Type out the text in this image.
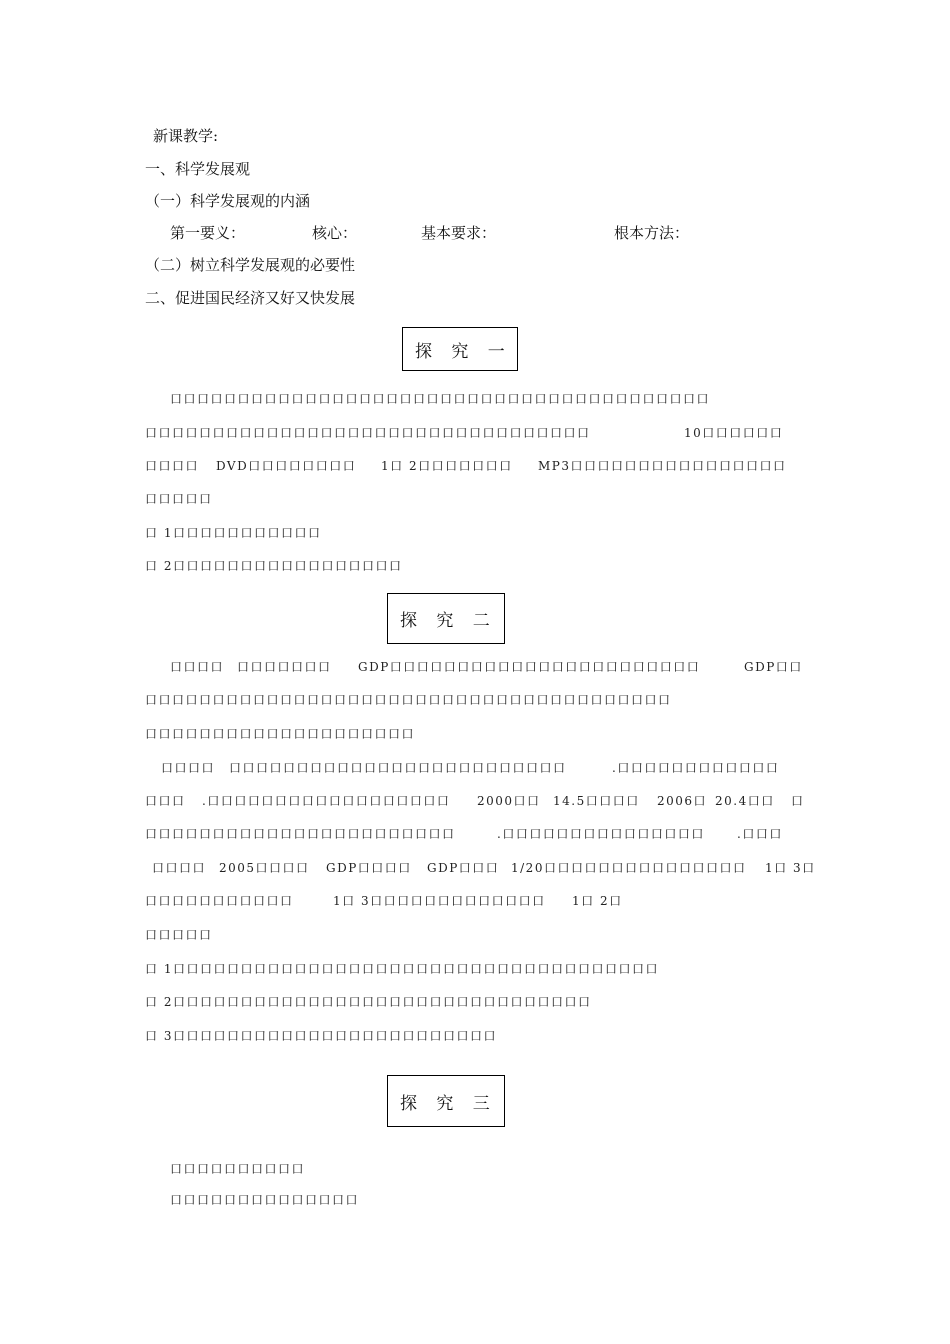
新课教学:
一、科学发展观
（一）科学发展观的内涵
第一要义：	核心：	基本要求：	根本方法：
（二）树立科学发展观的必要性
二、促进国民经济又好又快发展
探 究 一
口口口口口口口口口口口口口口口口口口口口口口口口口口口口口口口口口口口口口口口口
口口口口口口口口口口口口口口口口口口口口口口口口口口口口口口口口口	10口口口口口口
口口口口 DVD口口口口口口口口 1口 2口口口口口口口 MP3口口口口口口口口口口口口口口口口
口口口口口
口 1口口口口口口口口口口口
口 2口口口口口口口口口口口口口口口口口
探 究 二
口口口口 口口口口口口口 GDP口口口口口口口口口口口口口口口口口口口口口口口	GDP口口
口口口口口口口口口口口口口口口口口口口口口口口口口口口口口口口口口口口口口口口
口口口口口口口口口口口口口口口口口口口口
口口口口 口口口口口口口口口口口口口口口口口口口口口口口口口	.口口口口口口口口口口口口
口口口 .口口口口口口口口口口口口口口口口口口 2000口口 14.5口口口口 2006口 20.4口口 口
口口口口口口口口口口口口口口口口口口口口口口口	.口口口口口口口口口口口口口口口	.口口口
口口口口 2005口口口口 GDP口口口口 GDP口口口 1/20口口口口口口口口口口口口口口口 1口 3口
口口口口口口口口口口口	1口 3口口口口口口口口口口口口口 1口 2口
口口口口口
口 1口口口口口口口口口口口口口口口口口口口口口口口口口口口口口口口口口口口口
口 2口口口口口口口口口口口口口口口口口口口口口口口口口口口口口口口
口 3口口口口口口口口口口口口口口口口口口口口口口口口
探 究 三
口口口口口口口口口口
口口口口口口口口口口口口口口
